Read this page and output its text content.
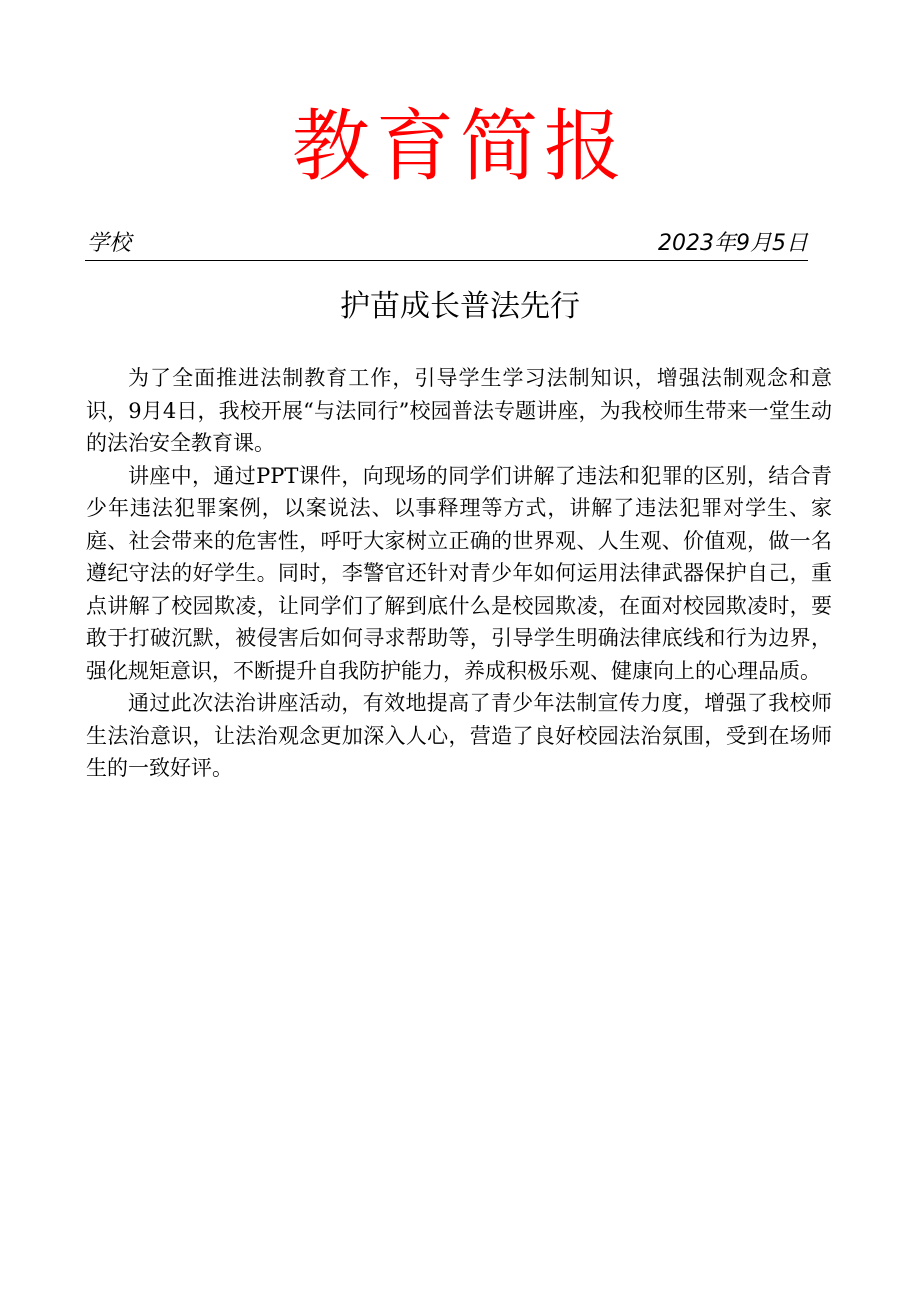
教育简报
学校	2023年9月5日
护苗成长普法先行

为了全面推进法制教育工作，引导学生学习法制知识，增强法制观念和意识，9月4日，我校开展“与法同行”校园普法专题讲座，为我校师生带来一堂生动的法治安全教育课。

讲座中，通过PPT课件，向现场的同学们讲解了违法和犯罪的区别，结合青少年违法犯罪案例，以案说法、以事释理等方式，讲解了违法犯罪对学生、家庭、社会带来的危害性，呼吁大家树立正确的世界观、人生观、价值观，做一名遵纪守法的好学生。同时，李警官还针对青少年如何运用法律武器保护自己，重点讲解了校园欺凌，让同学们了解到底什么是校园欺凌，在面对校园欺凌时，要敢于打破沉默，被侵害后如何寻求帮助等，引导学生明确法律底线和行为边界，强化规矩意识，不断提升自我防护能力，养成积极乐观、健康向上的心理品质。

通过此次法治讲座活动，有效地提高了青少年法制宣传力度，增强了我校师生法治意识，让法治观念更加深入人心，营造了良好校园法治氛围，受到在场师生的一致好评。
